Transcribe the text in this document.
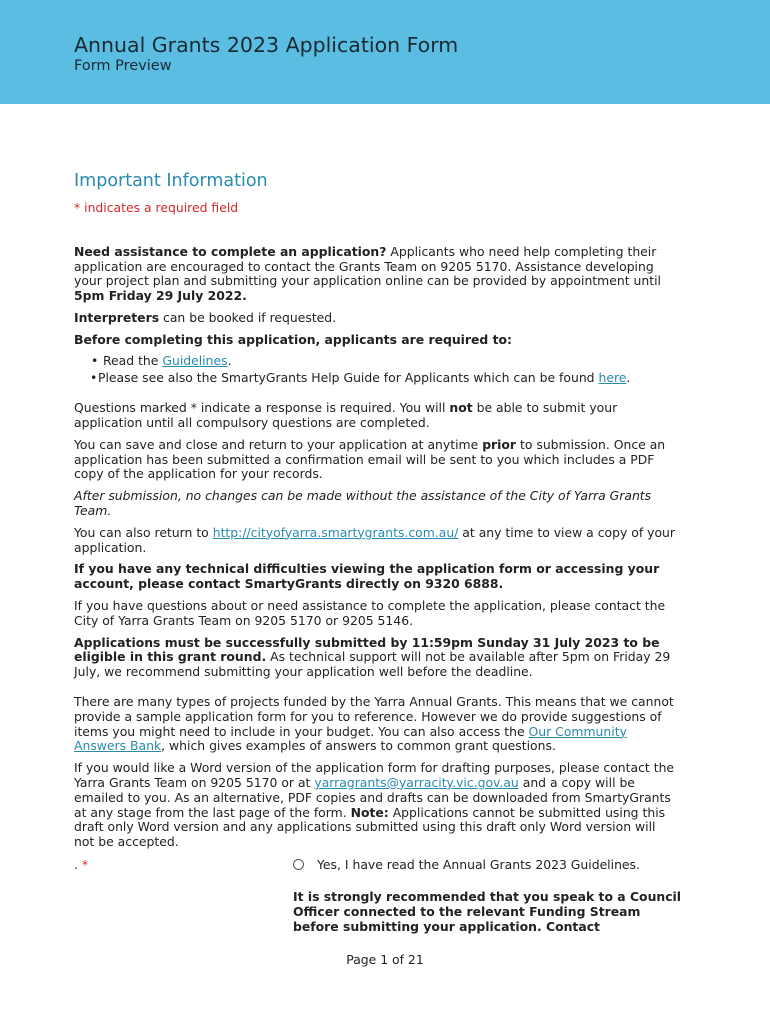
Annual Grants 2023 Application Form
Form Preview
Important Information
* indicates a required field

Need assistance to complete an application? Applicants who need help completing their application are encouraged to contact the Grants Team on 9205 5170. Assistance developing your project plan and submitting your application online can be provided by appointment until 5pm Friday 29 July 2022.

Interpreters can be booked if requested.

Before completing this application, applicants are required to:

• Read the Guidelines.
• Please see also the SmartyGrants Help Guide for Applicants which can be found here.

Questions marked * indicate a response is required. You will not be able to submit your application until all compulsory questions are completed.

You can save and close and return to your application at anytime prior to submission. Once an application has been submitted a confirmation email will be sent to you which includes a PDF copy of the application for your records.

After submission, no changes can be made without the assistance of the City of Yarra Grants Team.

You can also return to http://cityofyarra.smartygrants.com.au/ at any time to view a copy of your application.

If you have any technical difficulties viewing the application form or accessing your account, please contact SmartyGrants directly on 9320 6888.

If you have questions about or need assistance to complete the application, please contact the City of Yarra Grants Team on 9205 5170 or 9205 5146.

Applications must be successfully submitted by 11:59pm Sunday 31 July 2023 to be eligible in this grant round. As technical support will not be available after 5pm on Friday 29 July, we recommend submitting your application well before the deadline.

There are many types of projects funded by the Yarra Annual Grants. This means that we cannot provide a sample application form for you to reference. However we do provide suggestions of items you might need to include in your budget. You can also access the Our Community Answers Bank, which gives examples of answers to common grant questions.

If you would like a Word version of the application form for drafting purposes, please contact the Yarra Grants Team on 9205 5170 or at yarragrants@yarracity.vic.gov.au and a copy will be emailed to you. As an alternative, PDF copies and drafts can be downloaded from SmartyGrants at any stage from the last page of the form. Note: Applications cannot be submitted using this draft only Word version and any applications submitted using this draft only Word version will not be accepted.

. *	Yes, I have read the Annual Grants 2023 Guidelines.
It is strongly recommended that you speak to a Council Officer connected to the relevant Funding Stream before submitting your application. Contact
Page 1 of 21
